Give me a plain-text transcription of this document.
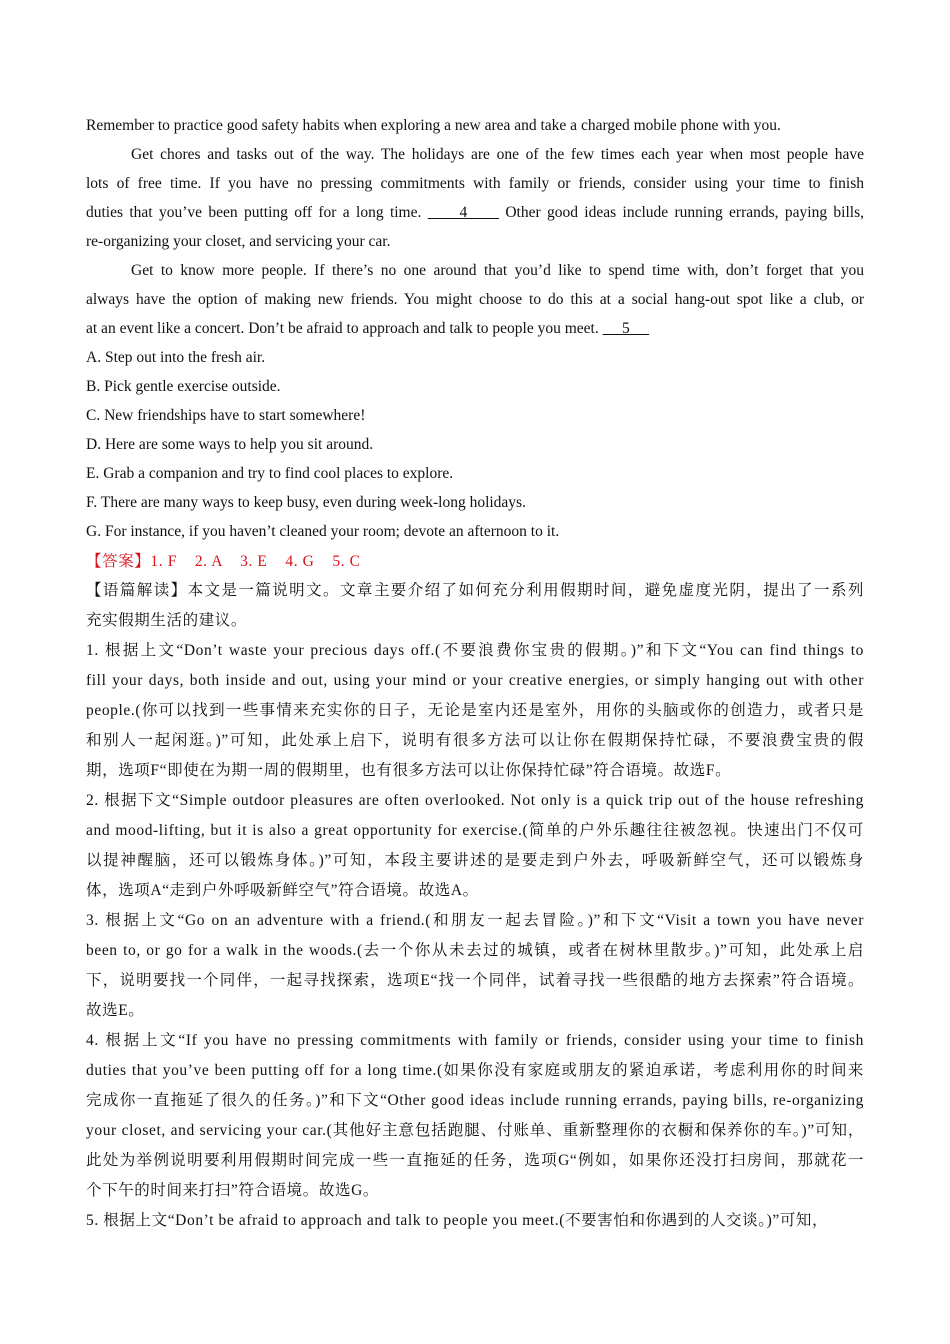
Remember to practice good safety habits when exploring a new area and take a charged mobile phone with you.
Get chores and tasks out of the way. The holidays are one of the few times each year when most people have
lots of free time. If you have no pressing commitments with family or friends, consider using your time to finish
duties that you’ve been putting off for a long time.      4      Other good ideas include running errands, paying bills,
re-organizing your closet, and servicing your car.
Get to know more people. If there’s no one around that you’d like to spend time with, don’t forget that you
always have the option of making new friends. You might choose to do this at a social hang-out spot like a club, or
at an event like a concert. Don’t be afraid to approach and talk to people you meet.      5
A. Step out into the fresh air.
B. Pick gentle exercise outside.
C. New friendships have to start somewhere!
D. Here are some ways to help you sit around.
E. Grab a companion and try to find cool places to explore.
F. There are many ways to keep busy, even during week-long holidays.
G. For instance, if you haven’t cleaned your room; devote an afternoon to it.
【答案】1. F    2. A    3. E    4. G    5. C
【语篇解读】本文是一篇说明文。文章主要介绍了如何充分利用假期时间，避免虚度光阴，提出了一系列
充实假期生活的建议。
1. 根据上文“Don’t waste your precious days off.(不要浪费你宝贵的假期。)”和下文“You can find things to
fill your days, both inside and out, using your mind or your creative energies, or simply hanging out with other
people.(你可以找到一些事情来充实你的日子，无论是室内还是室外，用你的头脑或你的创造力，或者只是
和别人一起闲逛。)”可知，此处承上启下，说明有很多方法可以让你在假期保持忙碌，不要浪费宝贵的假
期，选项F“即使在为期一周的假期里，也有很多方法可以让你保持忙碌”符合语境。故选F。
2. 根据下文“Simple outdoor pleasures are often overlooked. Not only is a quick trip out of the house refreshing
and mood-lifting, but it is also a great opportunity for exercise.(简单的户外乐趣往往被忽视。快速出门不仅可
以提神醒脑，还可以锻炼身体。)”可知，本段主要讲述的是要走到户外去，呼吸新鲜空气，还可以锻炼身
体，选项A“走到户外呼吸新鲜空气”符合语境。故选A。
3. 根据上文“Go on an adventure with a friend.(和朋友一起去冒险。)”和下文“Visit a town you have never
been to, or go for a walk in the woods.(去一个你从未去过的城镇，或者在树林里散步。)”可知，此处承上启
下，说明要找一个同伴，一起寻找探索，选项E“找一个同伴，试着寻找一些很酷的地方去探索”符合语境。
故选E。
4. 根据上文“If you have no pressing commitments with family or friends, consider using your time to finish
duties that you’ve been putting off for a long time.(如果你没有家庭或朋友的紧迫承诺，考虑利用你的时间来
完成你一直拖延了很久的任务。)”和下文“Other good ideas include running errands, paying bills, re-organizing
your closet, and servicing your car.(其他好主意包括跑腿、付账单、重新整理你的衣橱和保养你的车。)”可知，
此处为举例说明要利用假期时间完成一些一直拖延的任务，选项G“例如，如果你还没打扫房间，那就花一
个下午的时间来打扫”符合语境。故选G。
5. 根据上文“Don’t be afraid to approach and talk to people you meet.(不要害怕和你遇到的人交谈。)”可知，
